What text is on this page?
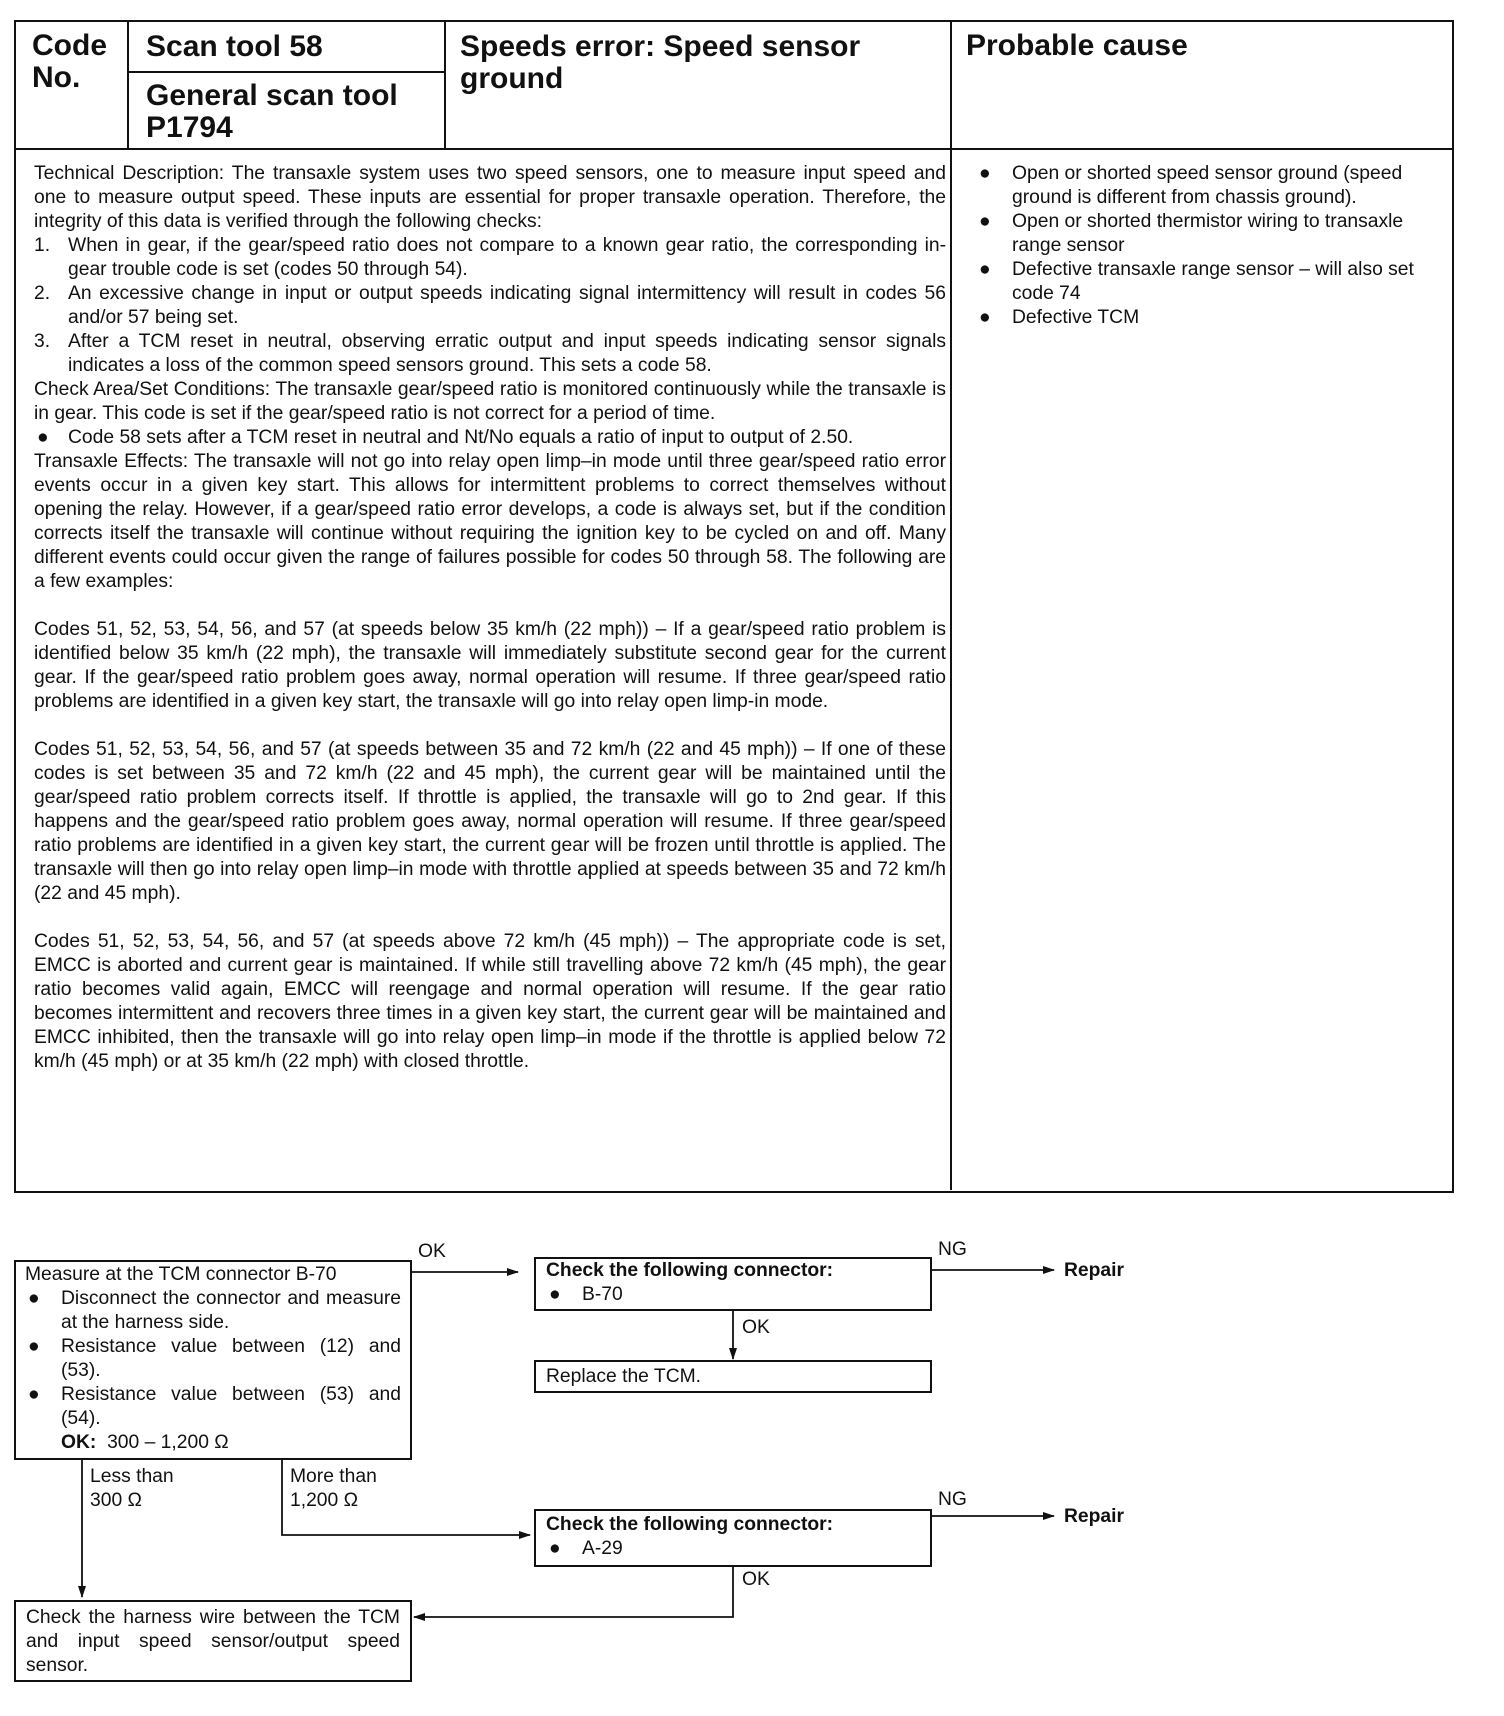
Code No.
Scan tool 58
General scan tool P1794
Speeds error: Speed sensor ground
Probable cause

Technical Description: The transaxle system uses two speed sensors, one to measure input speed and one to measure output speed. These inputs are essential for proper transaxle operation. Therefore, the integrity of this data is verified through the following checks:

1. When in gear, if the gear/speed ratio does not compare to a known gear ratio, the corresponding in-gear trouble code is set (codes 50 through 54).
2. An excessive change in input or output speeds indicating signal intermittency will result in codes 56 and/or 57 being set.
3. After a TCM reset in neutral, observing erratic output and input speeds indicating sensor signals indicates a loss of the common speed sensors ground. This sets a code 58.

Check Area/Set Conditions: The transaxle gear/speed ratio is monitored continuously while the transaxle is in gear. This code is set if the gear/speed ratio is not correct for a period of time.

● Code 58 sets after a TCM reset in neutral and Nt/No equals a ratio of input to output of 2.50.

Transaxle Effects: The transaxle will not go into relay open limp–in mode until three gear/speed ratio error events occur in a given key start. This allows for intermittent problems to correct themselves without opening the relay. However, if a gear/speed ratio error develops, a code is always set, but if the condition corrects itself the transaxle will continue without requiring the ignition key to be cycled on and off. Many different events could occur given the range of failures possible for codes 50 through 58. The following are a few examples:

Codes 51, 52, 53, 54, 56, and 57 (at speeds below 35 km/h (22 mph)) – If a gear/speed ratio problem is identified below 35 km/h (22 mph), the transaxle will immediately substitute second gear for the current gear. If the gear/speed ratio problem goes away, normal operation will resume. If three gear/speed ratio problems are identified in a given key start, the transaxle will go into relay open limp-in mode.

Codes 51, 52, 53, 54, 56, and 57 (at speeds between 35 and 72 km/h (22 and 45 mph)) – If one of these codes is set between 35 and 72 km/h (22 and 45 mph), the current gear will be maintained until the gear/speed ratio problem corrects itself. If throttle is applied, the transaxle will go to 2nd gear. If this happens and the gear/speed ratio problem goes away, normal operation will resume. If three gear/speed ratio problems are identified in a given key start, the current gear will be frozen until throttle is applied. The transaxle will then go into relay open limp–in mode with throttle applied at speeds between 35 and 72 km/h (22 and 45 mph).

Codes 51, 52, 53, 54, 56, and 57 (at speeds above 72 km/h (45 mph)) – The appropriate code is set, EMCC is aborted and current gear is maintained. If while still travelling above 72 km/h (45 mph), the gear ratio becomes valid again, EMCC will reengage and normal operation will resume. If the gear ratio becomes intermittent and recovers three times in a given key start, the current gear will be maintained and EMCC inhibited, then the transaxle will go into relay open limp–in mode if the throttle is applied below 72 km/h (45 mph) or at 35 km/h (22 mph) with closed throttle.

● Open or shorted speed sensor ground (speed ground is different from chassis ground).
● Open or shorted thermistor wiring to transaxle range sensor
● Defective transaxle range sensor – will also set code 74
● Defective TCM
Measure at the TCM connector B-70
● Disconnect the connector and measure at the harness side.
● Resistance value between (12) and (53).
● Resistance value between (53) and (54).
OK: 300 – 1,200 Ω
Check the following connector:
● B-70
Replace the TCM.
Check the following connector:
● A-29
Check the harness wire between the TCM and input speed sensor/output speed sensor.
OK	NG
Repair
OK
Less than
300 Ω
More than
1,200 Ω	NG
Repair
OK
